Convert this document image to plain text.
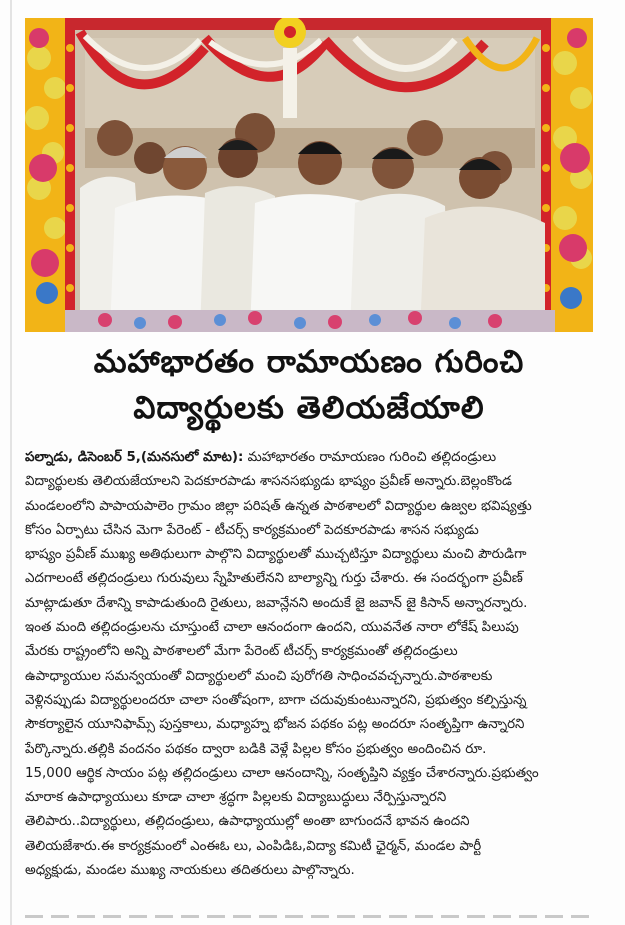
మహాభారతం రామాయణం గురించి
విద్యార్థులకు తెలియజేయాలి
పల్నాడు, డిసెంబర్ 5,(మనసులో మాట): మహాభారతం రామాయణం గురించి తల్లిదండ్రులు
విద్యార్థులకు తెలియజేయాలని పెదకూరపాడు శాసనసభ్యుడు భాష్యం ప్రవీణ్ అన్నారు.బెల్లంకొండ
మండలంలోని పాపాయపాలెం గ్రామం జిల్లా పరిషత్ ఉన్నత పాఠశాలలో విద్యార్థుల ఉజ్వల భవిష్యత్తు
కోసం ఏర్పాటు చేసిన మెగా పేరెంట్ - టీచర్స్ కార్యక్రమంలో పెదకూరపాడు శాసన సభ్యుడు
భాష్యం ప్రవీణ్ ముఖ్య అతిథులుగా పాల్గొని విద్యార్థులతో ముచ్చటిస్తూ విద్యార్థులు మంచి పౌరుడిగా
ఎదగాలంటే తల్లిదండ్రులు గురువులు స్నేహితులేనని బాల్యాన్ని గుర్తు చేశారు. ఈ సందర్భంగా ప్రవీణ్
మాట్లాడుతూ దేశాన్ని కాపాడుతుంది రైతులు, జవాన్లేనని అందుకే జై జవాన్ జై కిసాన్ అన్నారన్నారు.
ఇంత మంది తల్లిదండ్రులను చూస్తుంటే చాలా ఆనందంగా ఉందని, యువనేత నారా లోకేష్ పిలుపు
మేరకు రాష్ట్రంలోని అన్ని పాఠశాలలో మేగా పేరెంట్ టీచర్స్ కార్యక్రమంతో తల్లిదండ్రులు
ఉపాధ్యాయుల సమన్వయంతో విద్యార్థులలో మంచి పురోగతి సాధించవచ్చన్నారు.పాఠశాలకు
వెళ్లినప్పుడు విద్యార్థులందరూ చాలా సంతోషంగా, బాగా చదువుకుంటున్నారని, ప్రభుత్వం కల్పిస్తున్న
సౌకర్యాలైన యూనిఫామ్స్ పుస్తకాలు, మధ్యాహ్న భోజన పథకం పట్ల అందరూ సంతృప్తిగా ఉన్నారని
పేర్కొన్నారు.తల్లికి వందనం పథకం ద్వారా బడికి వెళ్లే పిల్లల కోసం ప్రభుత్వం అందించిన రూ.
15,000 ఆర్థిక సాయం పట్ల తల్లిదండ్రులు చాలా ఆనందాన్ని, సంతృప్తిని వ్యక్తం చేశారన్నారు.ప్రభుత్వం
మారాక ఉపాధ్యాయులు కూడా చాలా శ్రద్ధగా పిల్లలకు విద్యాబుద్ధులు నేర్పిస్తున్నారని
తెలిపారు..విద్యార్థులు, తల్లిదండ్రులు, ఉపాధ్యాయుల్లో అంతా బాగుందనే భావన ఉందని
తెలియజేశారు.ఈ కార్యక్రమంలో ఎంఈఓ లు, ఎంపిడిఓ,విద్యా కమిటీ ఛైర్మన్, మండల పార్టీ
అధ్యక్షుడు, మండల ముఖ్య నాయకులు తదితరులు పాల్గొన్నారు.
